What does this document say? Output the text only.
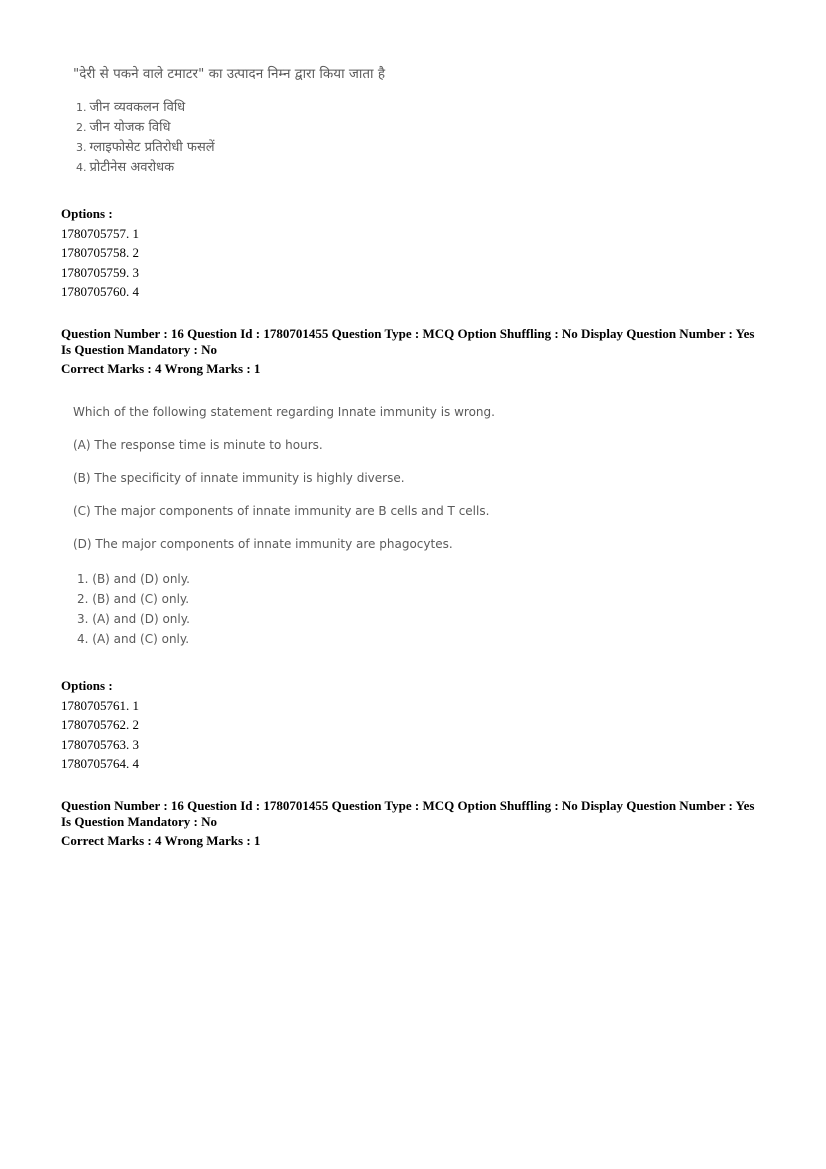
"देरी से पकने वाले टमाटर" का उत्पादन निम्न द्वारा किया जाता है
1. जीन व्यवकलन विधि
2. जीन योजक विधि
3. ग्लाइफोसेट प्रतिरोधी फसलें
4. प्रोटीनेस अवरोधक
Options :
1780705757. 1
1780705758. 2
1780705759. 3
1780705760. 4
Question Number : 16 Question Id : 1780701455 Question Type : MCQ Option Shuffling : No Display Question Number : Yes
Is Question Mandatory : No
Correct Marks : 4 Wrong Marks : 1
Which of the following statement regarding Innate immunity is wrong.
(A) The response time is minute to hours.
(B) The specificity of innate immunity is highly diverse.
(C) The major components of innate immunity are B cells and T cells.
(D) The major components of innate immunity are phagocytes.
1. (B) and (D) only.
2. (B) and (C) only.
3. (A) and (D) only.
4. (A) and (C) only.
Options :
1780705761. 1
1780705762. 2
1780705763. 3
1780705764. 4
Question Number : 16 Question Id : 1780701455 Question Type : MCQ Option Shuffling : No Display Question Number : Yes
Is Question Mandatory : No
Correct Marks : 4 Wrong Marks : 1
